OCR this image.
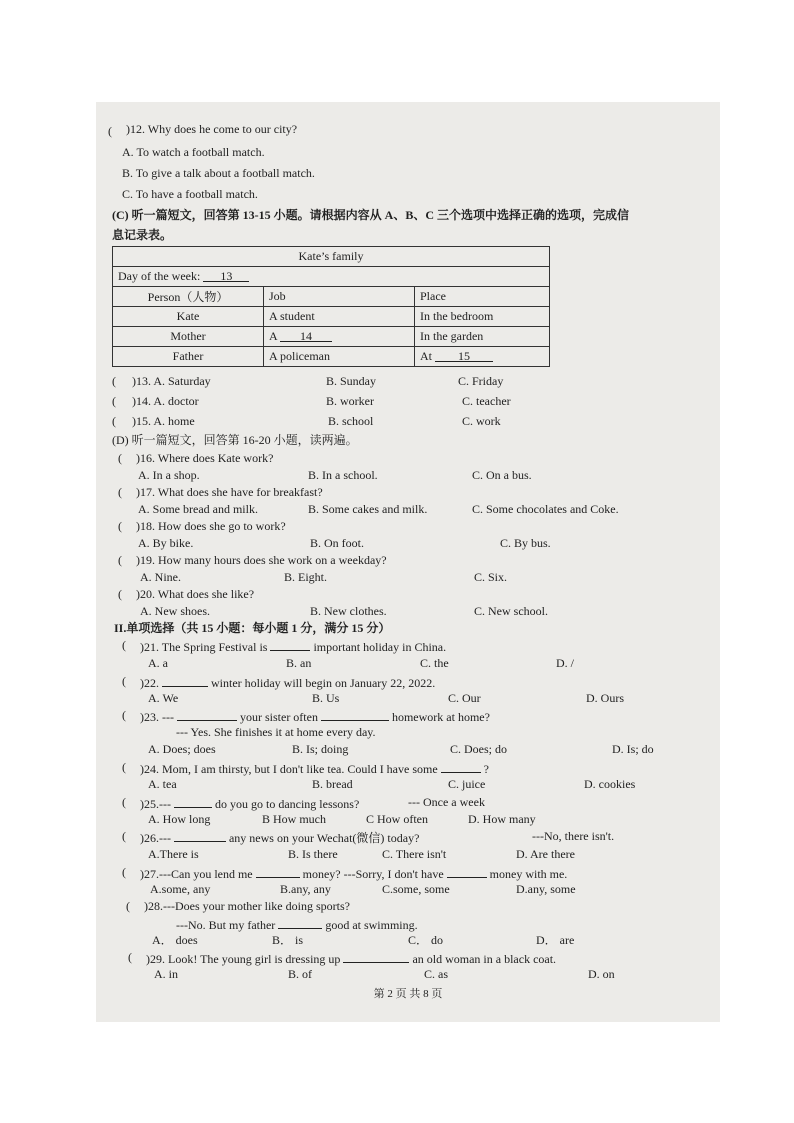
( )12. Why does he come to our city?
A. To watch a football match.
B. To give a talk about a football match.
C. To have a football match.
(C) 听一篇短文，回答第 13-15 小题。请根据内容从 A、B、C 三个选项中选择正确的选项，完成信
息记录表。
Kate’s family		
Day of the week: 13		
Person（人物）	Job	Place
Kate	A student	In the bedroom
Mother	A 14	In the garden
Father	A policeman	At 15
( )13. A. Saturday	B. Sunday	C. Friday
( )14. A. doctor	B. worker	C. teacher
( )15. A. home	B. school	C. work
(D) 听一篇短文，回答第 16-20 小题，读两遍。
( )16. Where does Kate work?
A. In a shop.	B. In a school.	C. On a bus.
( )17. What does she have for breakfast?
A. Some bread and milk.	B. Some cakes and milk.	C. Some chocolates and Coke.
( )18. How does she go to work?
A. By bike.	B. On foot.	C. By bus.
( )19. How many hours does she work on a weekday?
A. Nine.	B. Eight.	C. Six.
( )20. What does she like?
A. New shoes.	B. New clothes.	C. New school.
II.单项选择（共 15 小题：每小题 1 分，满分 15 分）
( )21. The Spring Festival is	important holiday in China.
A. a	B. an	C. the	D. /
( )22.	winter holiday will begin on January 22, 2022.
A. We	B. Us	C. Our	D. Ours
( )23. ---	your sister often	homework at home?
--- Yes. She finishes it at home every day.
A. Does; does	B. Is; doing	C. Does; do	D. Is; do
( )24. Mom, I am thirsty, but I don't like tea. Could I have some	?
A. tea	B. bread	C. juice	D. cookies
( )25.---	do you go to dancing lessons?	--- Once a week
A. How long	B How much	C How often	D. How many
( )26.---	any news on your Wechat(微信) today?	---No, there isn't.
A.There is	B. Is there	C. There isn't	D. Are there
( )27.---Can you lend me	money? ---Sorry, I don't have	money with me.
A.some, any	B.any, any	C.some, some	D.any, some
( )28.---Does your mother like doing sports?
---No. But my father	good at swimming.
A． does	B． is	C． do	D． are
( )29. Look! The young girl is dressing up	an old woman in a black coat.
A. in	B. of	C. as	D. on
第 2 页 共 8 页
